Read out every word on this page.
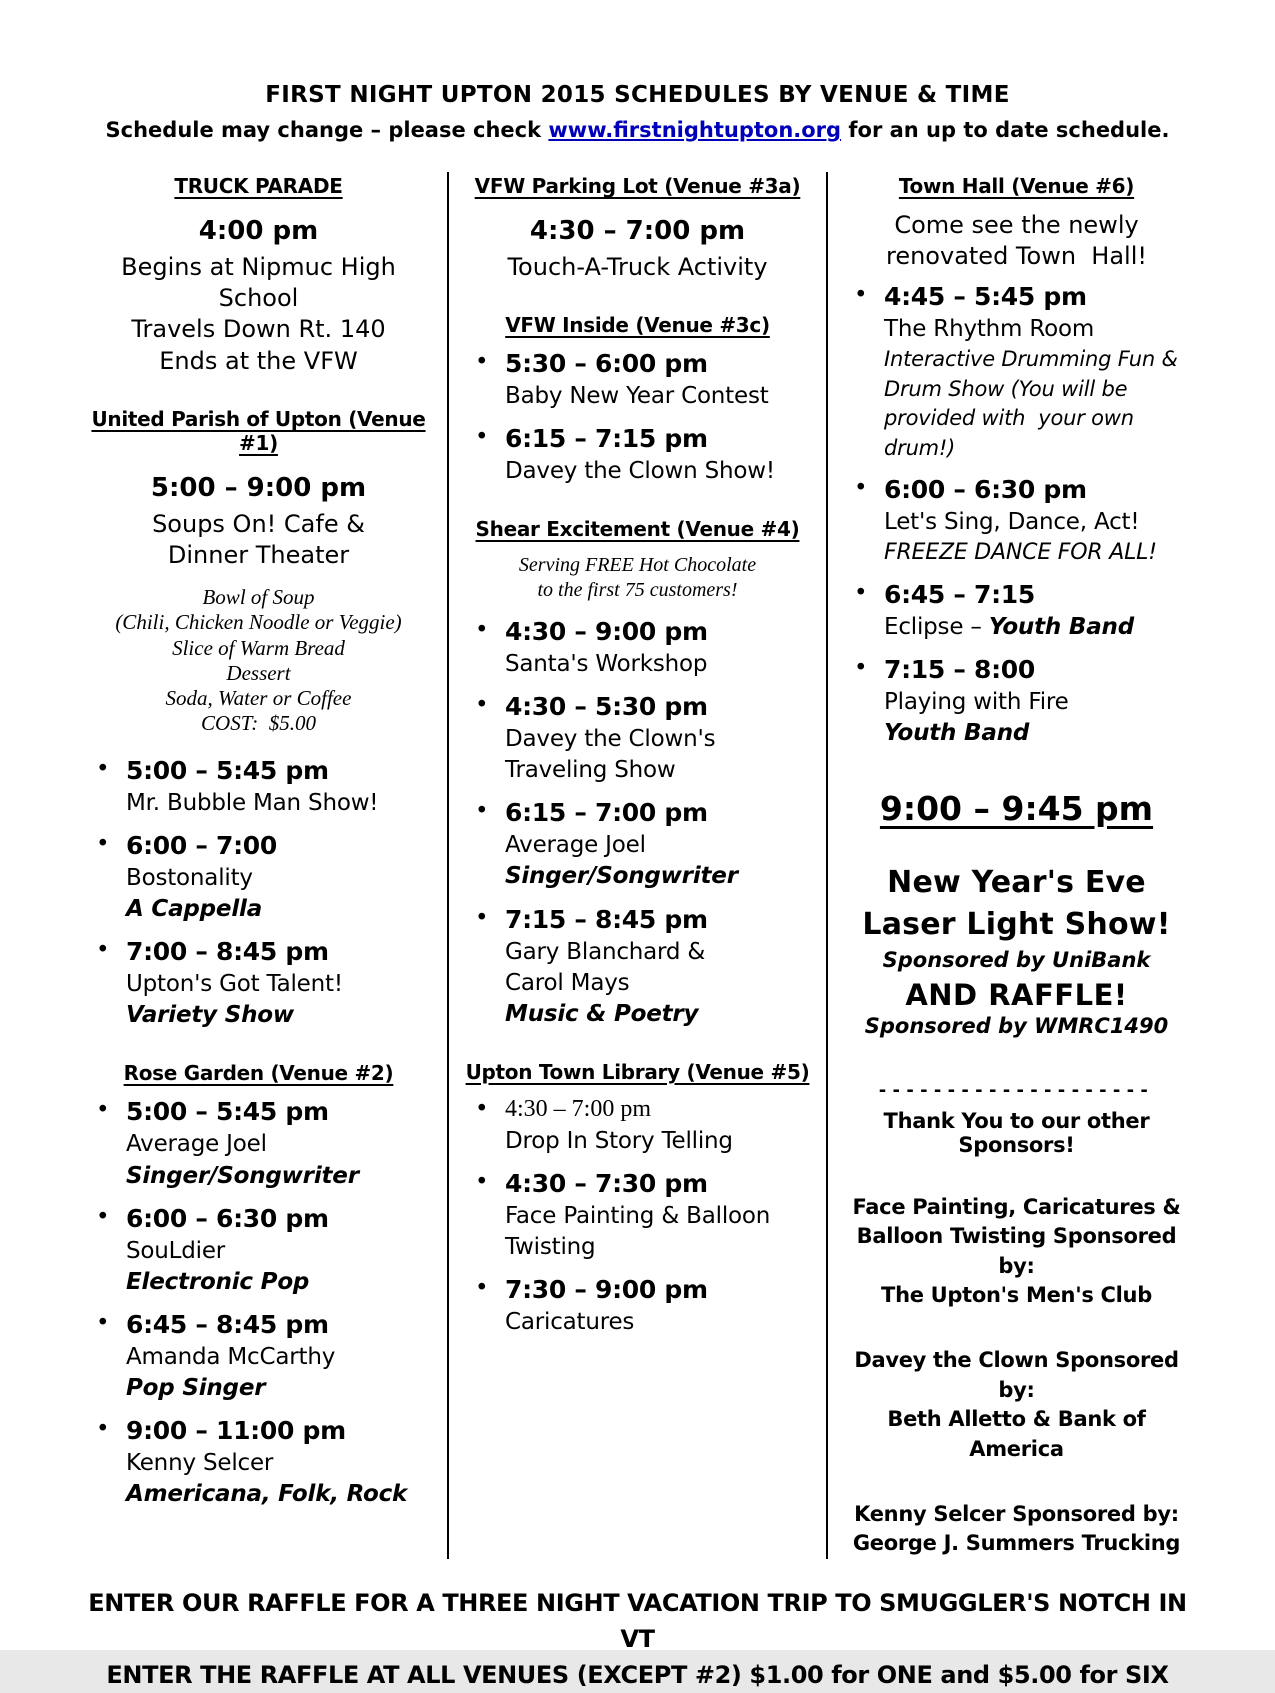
FIRST NIGHT UPTON 2015 SCHEDULES BY VENUE & TIME
Schedule may change – please check www.firstnightupton.org for an up to date schedule.
TRUCK PARADE
4:00 pm
Begins at Nipmuc High School
Travels Down Rt. 140
Ends at the VFW
United Parish of Upton (Venue #1)
5:00 – 9:00 pm
Soups On! Cafe &
Dinner Theater
Bowl of Soup
(Chili, Chicken Noodle or Veggie)
Slice of Warm Bread
Dessert
Soda, Water or Coffee
COST:  $5.00
•
5:00 – 5:45 pm
Mr. Bubble Man Show!
•
6:00 – 7:00
Bostonality
A Cappella
•
7:00 – 8:45 pm
Upton's Got Talent!
Variety Show
Rose Garden (Venue #2)
•
5:00 – 5:45 pm
Average Joel
Singer/Songwriter
•
6:00 – 6:30 pm
SouLdier
Electronic Pop
•
6:45 – 8:45 pm
Amanda McCarthy
Pop Singer
•
9:00 – 11:00 pm
Kenny Selcer
Americana, Folk, Rock
VFW Parking Lot (Venue #3a)
4:30 – 7:00 pm
Touch-A-Truck Activity
VFW Inside (Venue #3c)
•
5:30 – 6:00 pm
Baby New Year Contest
•
6:15 – 7:15 pm
Davey the Clown Show!
Shear Excitement (Venue #4)
Serving FREE Hot Chocolate
to the first 75 customers!
•
4:30 – 9:00 pm
Santa's Workshop
•
4:30 – 5:30 pm
Davey the Clown's
Traveling Show
•
6:15 – 7:00 pm
Average Joel
Singer/Songwriter
•
7:15 – 8:45 pm
Gary Blanchard &
Carol Mays
Music & Poetry
Upton Town Library (Venue #5)
•
4:30 – 7:00 pm
Drop In Story Telling
•
4:30 – 7:30 pm
Face Painting & Balloon
Twisting
•
7:30 – 9:00 pm
Caricatures
Town Hall (Venue #6)
Come see the newly
renovated Town  Hall!
•
4:45 – 5:45 pm
The Rhythm Room
Interactive Drumming Fun &
Drum Show (You will be
provided with  your own
drum!)
•
6:00 – 6:30 pm
Let's Sing, Dance, Act!
FREEZE DANCE FOR ALL!
•
6:45 – 7:15
Eclipse – Youth Band
•
7:15 – 8:00
Playing with Fire
Youth Band
9:00 – 9:45 pm
New Year's Eve
Laser Light Show!
Sponsored by UniBank
AND RAFFLE!
Sponsored by WMRC1490
--------------------
Thank You to our other Sponsors!
Face Painting, Caricatures &
Balloon Twisting Sponsored by:
The Upton's Men's Club
Davey the Clown Sponsored by:
Beth Alletto & Bank of America
Kenny Selcer Sponsored by:
George J. Summers Trucking
ENTER OUR RAFFLE FOR A THREE NIGHT VACATION TRIP TO SMUGGLER'S NOTCH IN VT
ENTER THE RAFFLE AT ALL VENUES (EXCEPT #2) $1.00 for ONE and $5.00 for SIX
